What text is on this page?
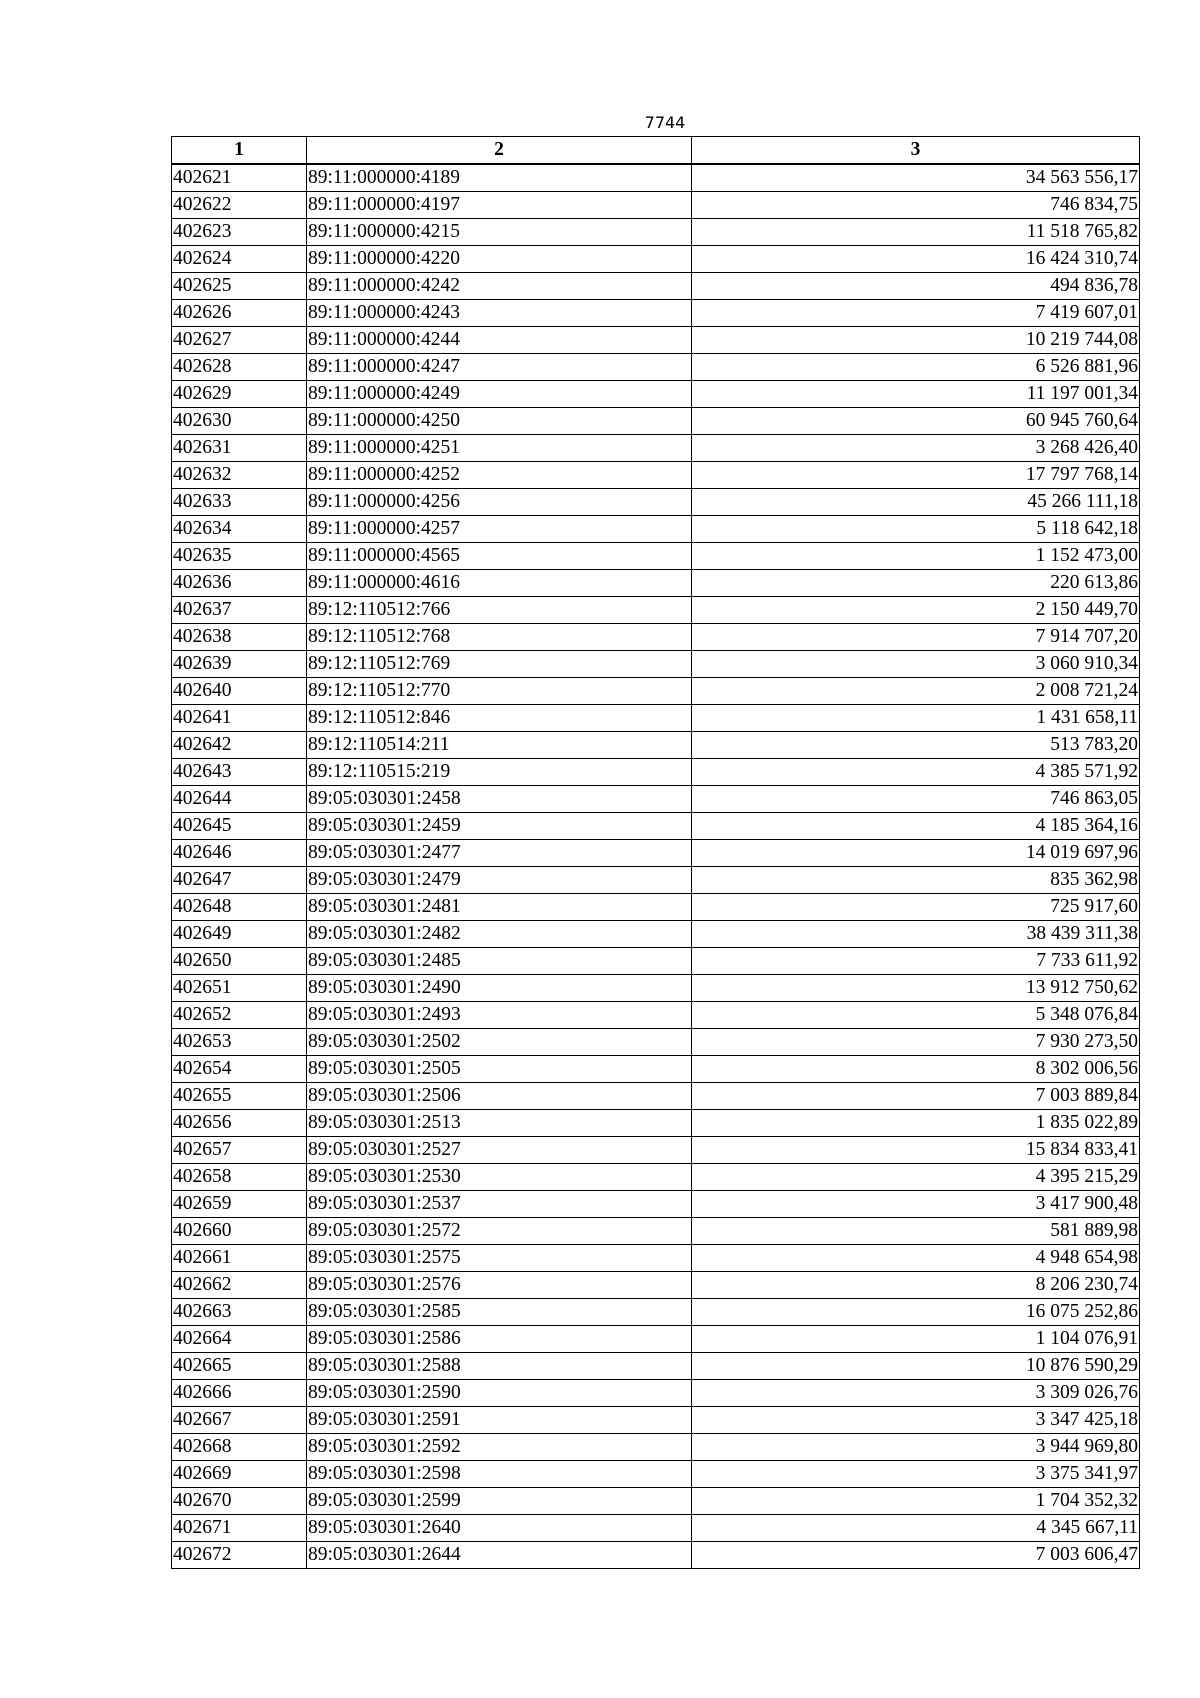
7744
1	2	3
402621	89:11:000000:4189	34 563 556,17
402622	89:11:000000:4197	746 834,75
402623	89:11:000000:4215	11 518 765,82
402624	89:11:000000:4220	16 424 310,74
402625	89:11:000000:4242	494 836,78
402626	89:11:000000:4243	7 419 607,01
402627	89:11:000000:4244	10 219 744,08
402628	89:11:000000:4247	6 526 881,96
402629	89:11:000000:4249	11 197 001,34
402630	89:11:000000:4250	60 945 760,64
402631	89:11:000000:4251	3 268 426,40
402632	89:11:000000:4252	17 797 768,14
402633	89:11:000000:4256	45 266 111,18
402634	89:11:000000:4257	5 118 642,18
402635	89:11:000000:4565	1 152 473,00
402636	89:11:000000:4616	220 613,86
402637	89:12:110512:766	2 150 449,70
402638	89:12:110512:768	7 914 707,20
402639	89:12:110512:769	3 060 910,34
402640	89:12:110512:770	2 008 721,24
402641	89:12:110512:846	1 431 658,11
402642	89:12:110514:211	513 783,20
402643	89:12:110515:219	4 385 571,92
402644	89:05:030301:2458	746 863,05
402645	89:05:030301:2459	4 185 364,16
402646	89:05:030301:2477	14 019 697,96
402647	89:05:030301:2479	835 362,98
402648	89:05:030301:2481	725 917,60
402649	89:05:030301:2482	38 439 311,38
402650	89:05:030301:2485	7 733 611,92
402651	89:05:030301:2490	13 912 750,62
402652	89:05:030301:2493	5 348 076,84
402653	89:05:030301:2502	7 930 273,50
402654	89:05:030301:2505	8 302 006,56
402655	89:05:030301:2506	7 003 889,84
402656	89:05:030301:2513	1 835 022,89
402657	89:05:030301:2527	15 834 833,41
402658	89:05:030301:2530	4 395 215,29
402659	89:05:030301:2537	3 417 900,48
402660	89:05:030301:2572	581 889,98
402661	89:05:030301:2575	4 948 654,98
402662	89:05:030301:2576	8 206 230,74
402663	89:05:030301:2585	16 075 252,86
402664	89:05:030301:2586	1 104 076,91
402665	89:05:030301:2588	10 876 590,29
402666	89:05:030301:2590	3 309 026,76
402667	89:05:030301:2591	3 347 425,18
402668	89:05:030301:2592	3 944 969,80
402669	89:05:030301:2598	3 375 341,97
402670	89:05:030301:2599	1 704 352,32
402671	89:05:030301:2640	4 345 667,11
402672	89:05:030301:2644	7 003 606,47
